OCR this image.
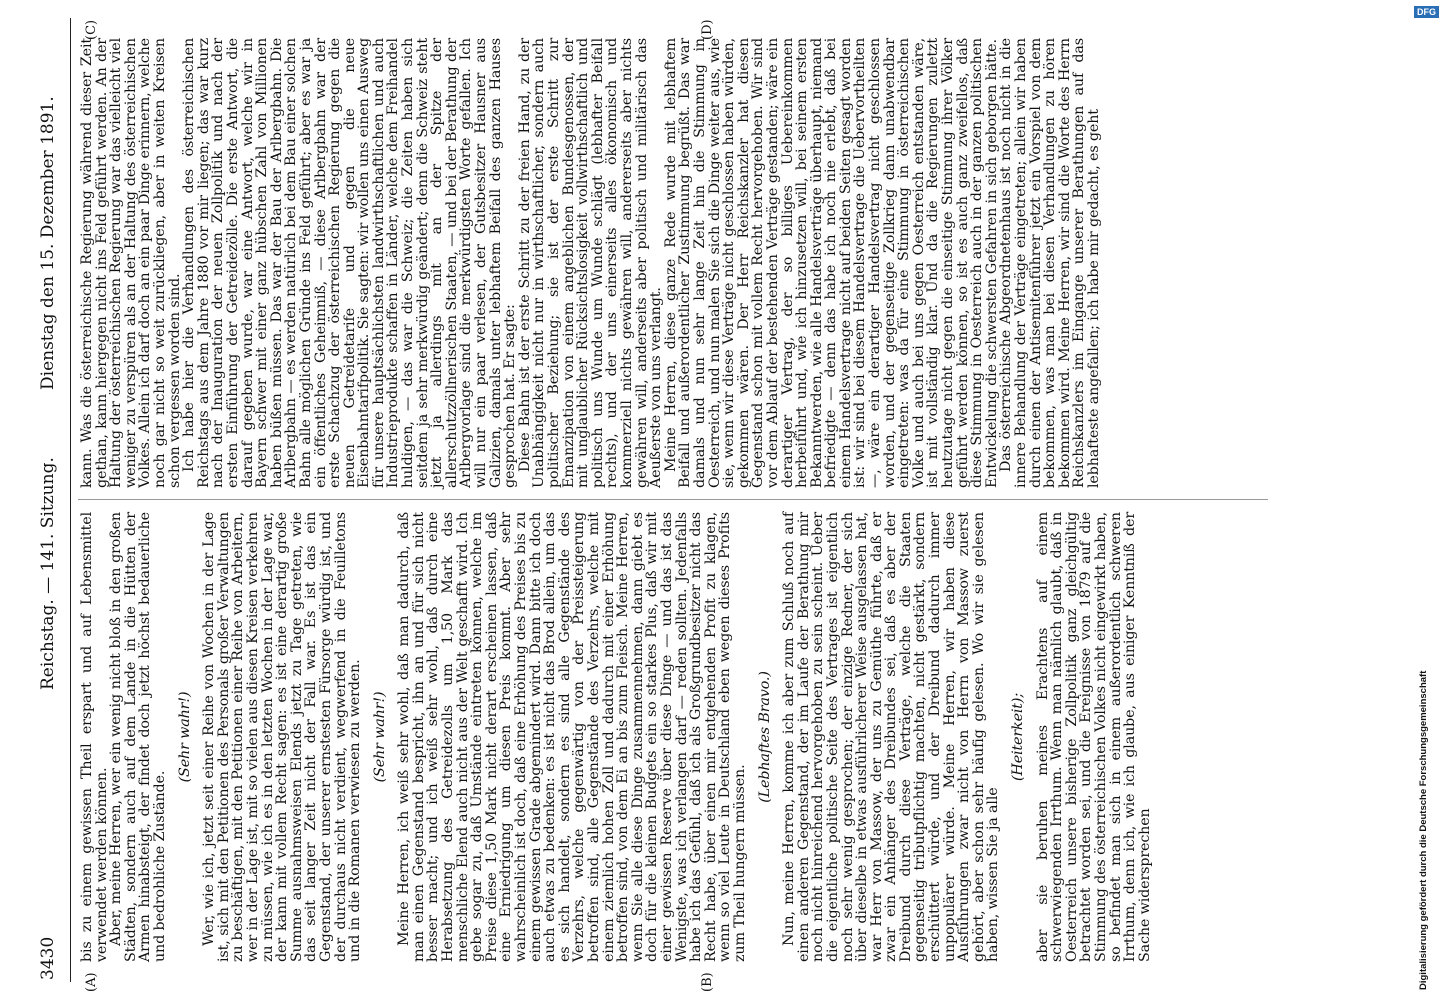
3430
Reichstag. — 141. Sitzung.
Dienstag den 15. Dezember 1891.
(A)	(B)
(C)	(D)

bis zu einem gewissen Theil erspart und auf Lebensmittel verwendet werden können.

Aber, meine Herren, wer ein wenig nicht bloß in den großen Städten, sondern auch auf dem Lande in die Hütten der Armen hinabsteigt, der findet doch jetzt höchst bedauerliche und bedrohliche Zustände.

(Sehr wahr!) Wer, wie ich, jetzt seit einer Reihe von Wochen in der Lage ist, sich mit den Petitionen des Personals großer Verwaltungen zu beschäftigen, mit den Petitionen einer Reihe von Arbeitern, wer in der Lage ist, mit so vielen aus diesen Kreisen verkehren zu müssen, wie ich es in den letzten Wochen in der Lage war, der kann mit vollem Recht sagen: es ist eine derartig große Summe ausnahmsweisen Elends jetzt zu Tage getreten, wie das seit langer Zeit nicht der Fall war. Es ist das ein Gegenstand, der unserer ernstesten Fürsorge würdig ist, und der durchaus nicht verdient, wegwerfend in die Feuilletons und in die Romanen verwiesen zu werden. (Sehr wahr!) Meine Herren, ich weiß sehr wohl, daß man dadurch, daß man einen Gegenstand bespricht, ihn an und für sich nicht besser macht; und ich weiß sehr wohl, daß durch eine Herabsetzung des Getreidezolls um 1,50 Mark das menschliche Elend auch nicht aus der Welt geschafft wird. Ich gebe sogar zu, daß Umstände eintreten können, welche im Preise diese 1,50 Mark nicht derart erscheinen lassen, daß eine Erniedrigung um diesen Preis kommt. Aber sehr wahrscheinlich ist doch, daß eine Erhöhung des Preises bis zu einem gewissen Grade abgemindert wird. Dann bitte ich doch auch etwas zu bedenken: es ist nicht das Brod allein, um das es sich handelt, sondern es sind alle Gegenstände des Verzehrs, welche gegenwärtig von der Preissteigerung betroffen sind, alle Gegenstände des Verzehrs, welche mit einem ziemlich hohen Zoll und dadurch mit einer Erhöhung betroffen sind, von dem Ei an bis zum Fleisch. Meine Herren, wenn Sie alle diese Dinge zusammennehmen, dann giebt es doch für die kleinen Budgets ein so starkes Plus, daß wir mit einer gewissen Reserve über diese Dinge — und das ist das Wenigste, was ich verlangen darf — reden sollten. Jedenfalls habe ich das Gefühl, daß ich als Großgrundbesitzer nicht das Recht habe, über einen mir entgehenden Profit zu klagen, wenn so viel Leute in Deutschland eben wegen dieses Profits zum Theil hungern müssen.

(Lebhaftes Bravo.) Nun, meine Herren, komme ich aber zum Schluß noch auf einen anderen Gegenstand, der im Laufe der Berathung mir noch nicht hinreichend hervorgehoben zu sein scheint. Ueber die eigentliche politische Seite des Vertrages ist eigentlich noch sehr wenig gesprochen; der einzige Redner, der sich über dieselbe in etwas ausführlicherer Weise ausgelassen hat, war Herr von Massow, der uns zu Gemüthe führte, daß er zwar ein Anhänger des Dreibundes sei, daß es aber der Dreibund durch diese Verträge, welche die Staaten gegenseitig tributpflichtig machten, nicht gestärkt, sondern erschüttert würde, und der Dreibund dadurch immer unpopulärer würde. Meine Herren, wir haben diese Ausführungen zwar nicht von Herrn von Massow zuerst gehört, aber schon sehr häufig gelesen. Wo wir sie gelesen haben, wissen Sie ja alle

(Heiterkeit); aber sie beruhen meines Erachtens auf einem schwerwiegenden Irrthum. Wenn man nämlich glaubt, daß in Oesterreich unsere bisherige Zollpolitik ganz gleichgültig betrachtet worden sei, und die Ereignisse von 1879 auf die Stimmung des österreichischen Volkes nicht eingewirkt haben, so befindet man sich in einem außerordentlich schweren Irrthum, denn ich, wie ich glaube, aus einiger Kenntniß der Sache widersprechen

kann. Was die österreichische Regierung während dieser Zeit gethan, kann hiergegen nicht ins Feld geführt werden. An der Haltung der österreichischen Regierung war das vielleicht viel weniger zu verspüren als an der Haltung des österreichischen Volkes. Allein ich darf doch an ein paar Dinge erinnern, welche noch gar nicht so weit zurückliegen, aber in weiten Kreisen schon vergessen worden sind.

Ich habe hier die Verhandlungen des österreichischen Reichstags aus dem Jahre 1880 vor mir liegen; das war kurz nach der Inauguration der neuen Zollpolitik und nach der ersten Einführung der Getreidezölle. Die erste Antwort, die darauf gegeben wurde, war eine Antwort, welche wir in Bayern schwer mit einer ganz hübschen Zahl von Millionen haben büßen müssen. Das war der Bau der Arlbergbahn. Die Arlbergbahn — es werden natürlich bei dem Bau einer solchen Bahn alle möglichen Gründe ins Feld geführt; aber es war ja ein öffentliches Geheimniß, — diese Arlbergbahn war der erste Schachzug der österreichischen Regierung gegen die neuen Getreidetarife und gegen die neue Eisenbahntarifpolitik. Sie sagten: wir wollen uns einen Ausweg für unsere hauptsächlichsten landwirthschaftlichen und auch Industrieprodukte schaffen in Länder, welche dem Freihandel huldigen, — das war die Schweiz; die Zeiten haben sich seitdem ja sehr merkwürdig geändert; denn die Schweiz steht jetzt ja allerdings mit an der Spitze der allerschutzzöllnerischen Staaten, — und bei der Berathung der Arlbergvorlage sind die merkwürdigsten Worte gefallen. Ich will nur ein paar verlesen, der Gutsbesitzer Hausner aus Galizien, damals unter lebhaftem Beifall des ganzen Hauses gesprochen hat. Er sagte:

Diese Bahn ist der erste Schritt zu der freien Hand, zu der Unabhängigkeit nicht nur in wirthschaftlicher, sondern auch politischer Beziehung; sie ist der erste Schritt zur Emanzipation von einem angeblichen Bundesgenossen, der mit unglaublicher Rücksichtslosigkeit vollwirthschaftlich und politisch uns Wunde um Wunde schlägt (lebhafter Beifall rechts), und der uns einerseits alles ökonomisch und kommerziell nichts gewähren will, andererseits aber nichts gewähren will, anderseits aber politisch und militärisch das Aeußerste von uns verlangt.

Meine Herren, diese ganze Rede wurde mit lebhaftem Beifall und außerordentlicher Zustimmung begrüßt. Das war damals und nun sehr lange Zeit hin die Stimmung in Oesterreich, und nun malen Sie sich die Dinge weiter aus, wie sie, wenn wir diese Verträge nicht geschlossen haben würden, gekommen wären. Der Herr Reichskanzler hat diesen Gegenstand schon mit vollem Recht hervorgehoben. Wir sind vor dem Ablauf der bestehenden Verträge gestanden; wäre ein derartiger Vertrag, der so billiges Uebereinkommen herbeiführt und, wie ich hinzusetzen will, bei seinem ersten Bekanntwerden, wie alle Handelsverträge überhaupt, niemand befriedigte — denn das habe ich noch nie erlebt, daß bei einem Handelsvertrage nicht auf beiden Seiten gesagt worden ist: wir sind bei diesem Handelsvertrage die Uebervortheilten —, wäre ein derartiger Handelsvertrag nicht geschlossen worden, und der gegenseitige Zollkrieg dann unabwendbar eingetreten: was da für eine Stimmung in österreichischen Volke und auch bei uns gegen Oesterreich entstanden wäre, ist mit vollständig klar. Und da die Regierungen zuletzt heutzutage nicht gegen die einseitige Stimmung ihrer Völker geführt werden können, so ist es auch ganz zweifellos, daß diese Stimmung in Oesterreich auch in der ganzen politischen Entwickelung die schwersten Gefahren in sich geborgen hätte.

Das österreichische Abgeordnetenhaus ist noch nicht in die innere Behandlung der Verträge eingetreten; allein wir haben durch einen der Antisemitenführer jetzt ein Vorspiel von dem bekommen, was man bei diesen Verhandlungen zu hören bekommen wird. Meine Herren, wir sind die Worte des Herrn Reichskanzlers im Eingange unserer Berathungen auf das lebhafteste angefallen; ich habe mir gedacht, es geht

Digitalisierung gefördert durch die Deutsche Forschungsgemeinschaft
DFG
